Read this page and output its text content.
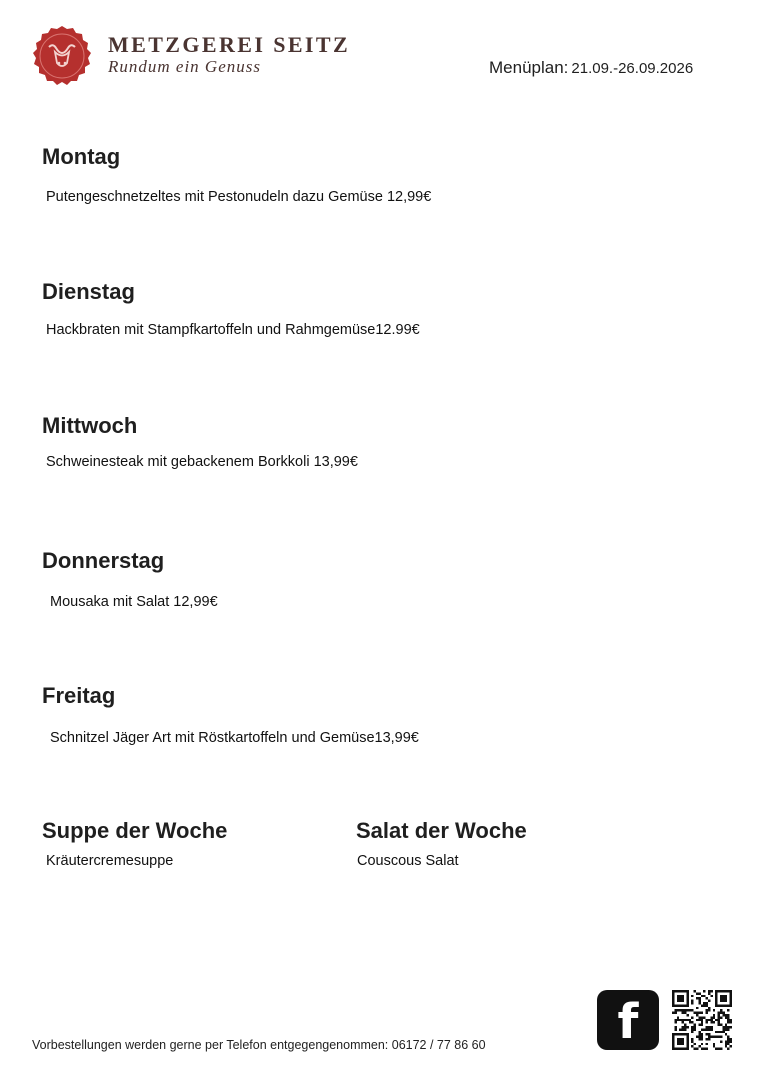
METZGEREI SEITZ
Rundum ein Genuss	Menüplan: 21.09.-26.09.2026
Montag
Putengeschnetzeltes mit Pestonudeln dazu Gemüse 12,99€
Dienstag
Hackbraten mit Stampfkartoffeln und Rahmgemüse12.99€
Mittwoch
Schweinesteak mit gebackenem Borkkoli 13,99€
Donnerstag
Mousaka mit Salat 12,99€
Freitag
Schnitzel Jäger Art mit Röstkartoffeln und Gemüse13,99€
Suppe der Woche
Kräutercremesuppe
Salat der Woche
Couscous Salat
Vorbestellungen werden gerne per Telefon entgegengenommen: 06172 / 77 86 60	f
